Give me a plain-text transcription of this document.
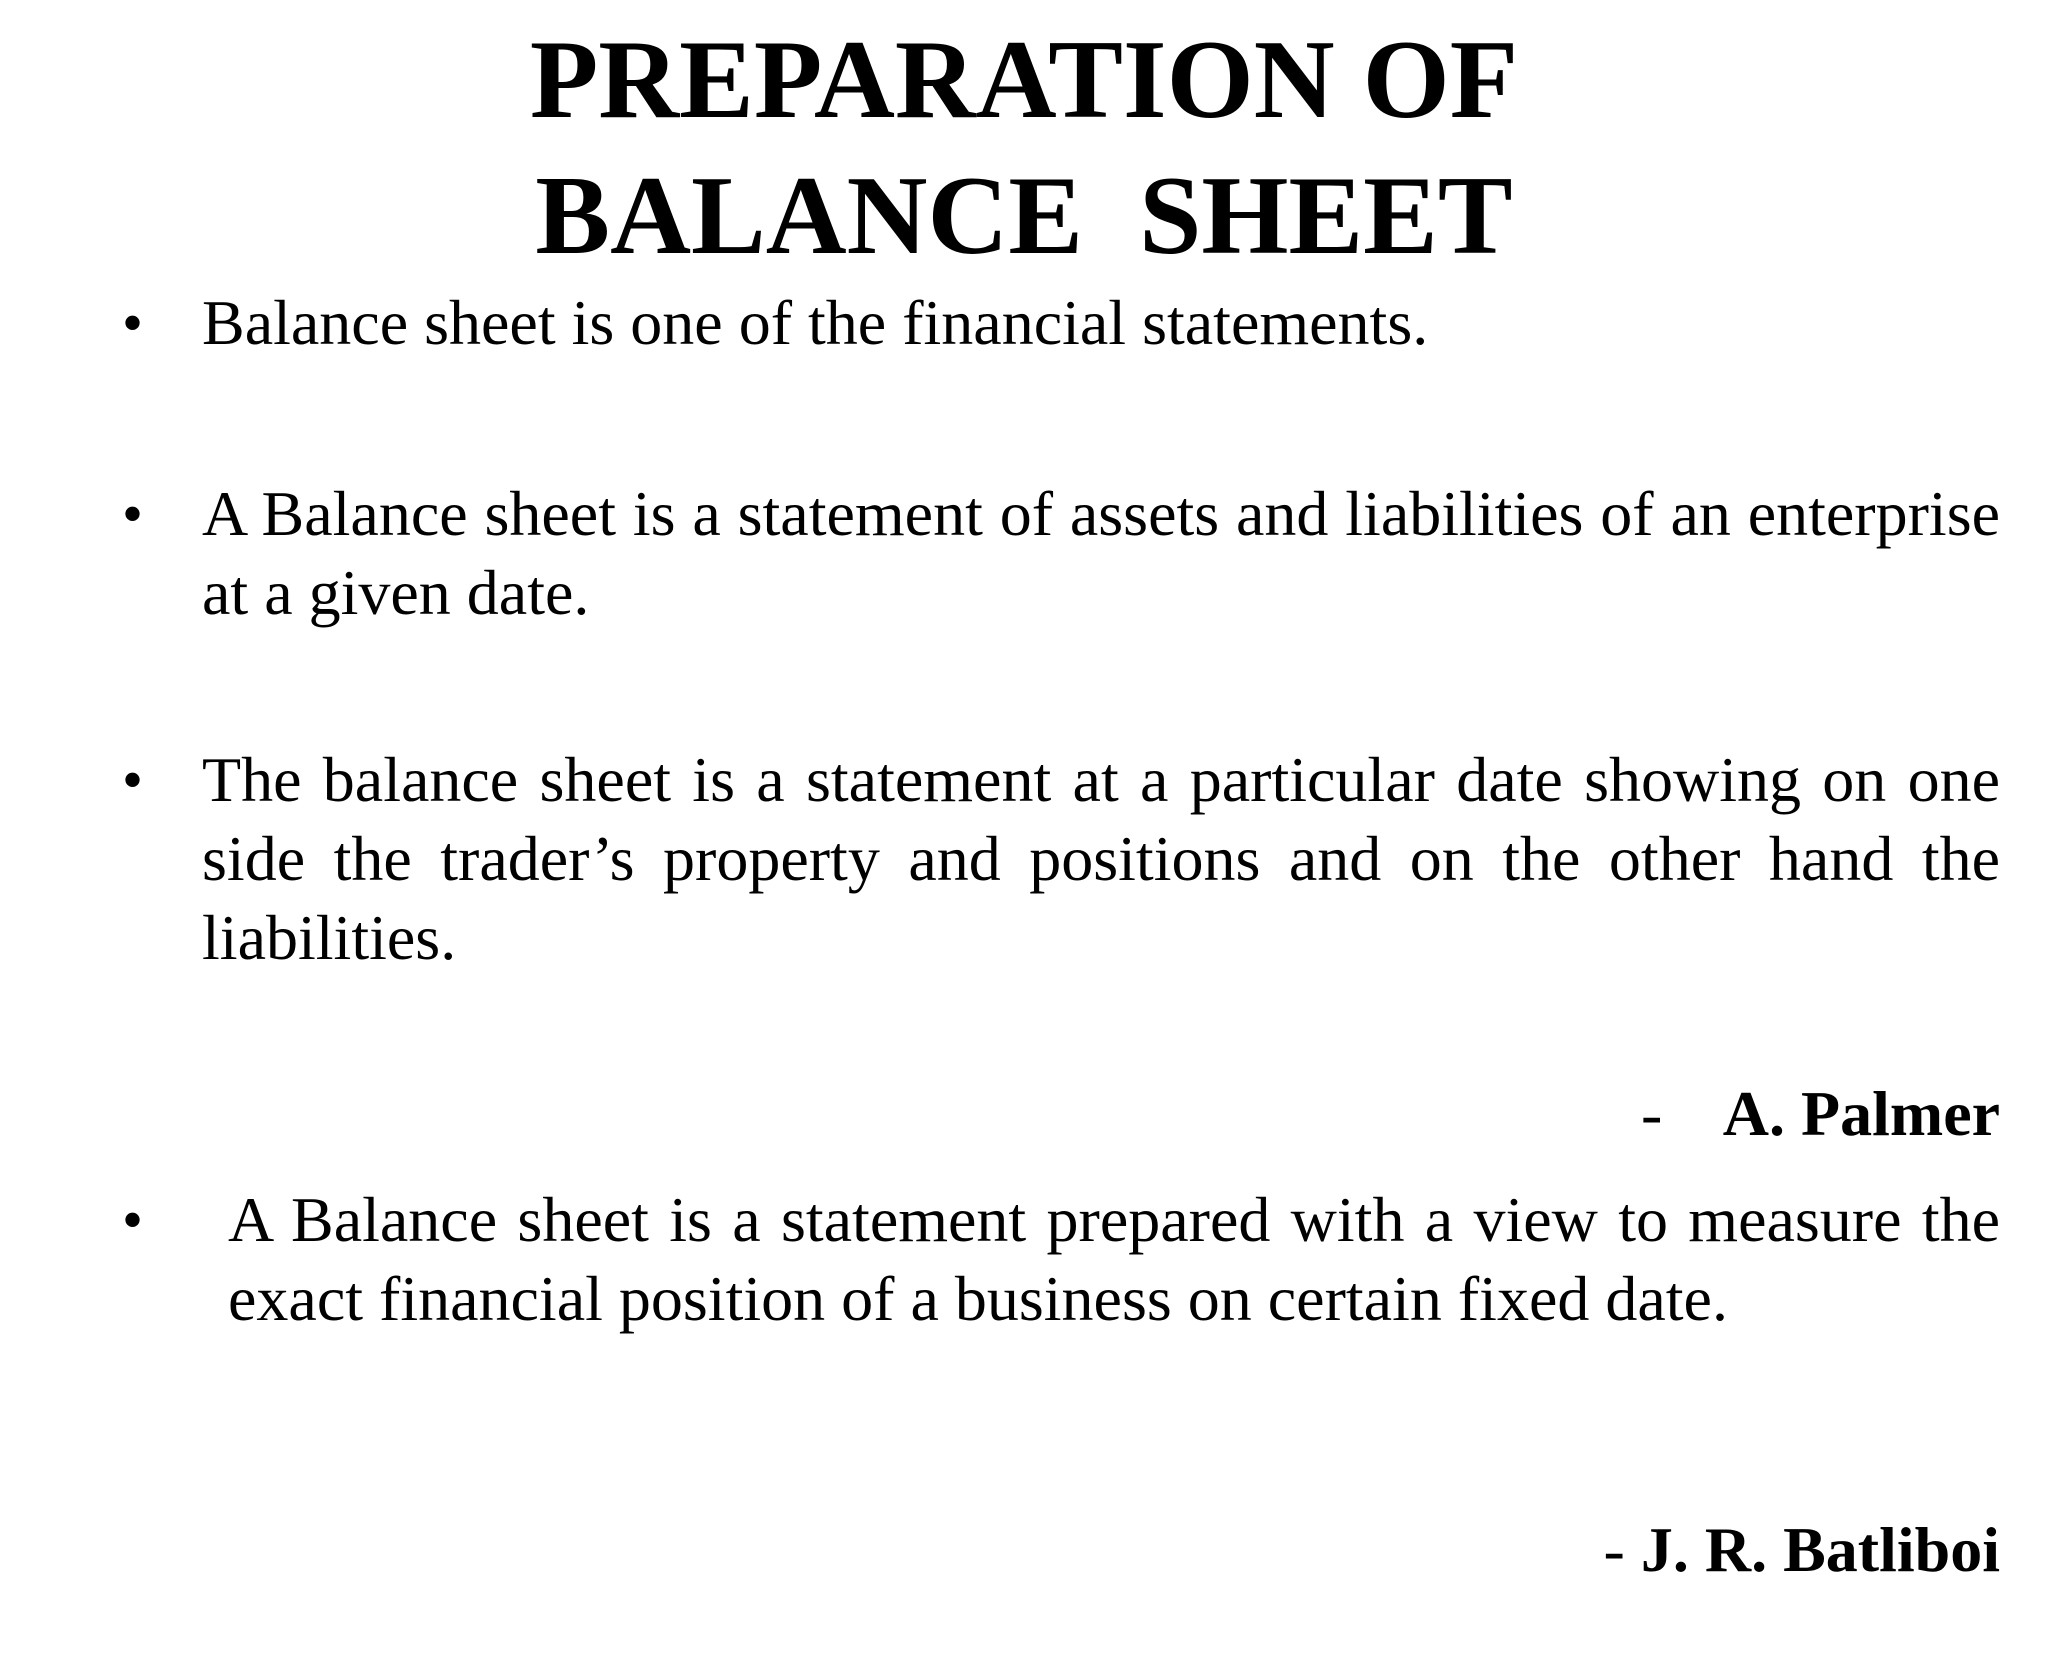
PREPARATION OF
BALANCE  SHEET
• Balance sheet is one of the financial statements.

• A Balance sheet is a statement of assets and liabilities of an enterprise at a given date.

• The balance sheet is a statement at a particular date showing on one side the trader’s property and positions and on the other hand the liabilities.

- A. Palmer

• A Balance sheet is a statement prepared with a view to measure the exact financial position of a business on certain fixed date.

- J. R. Batliboi
